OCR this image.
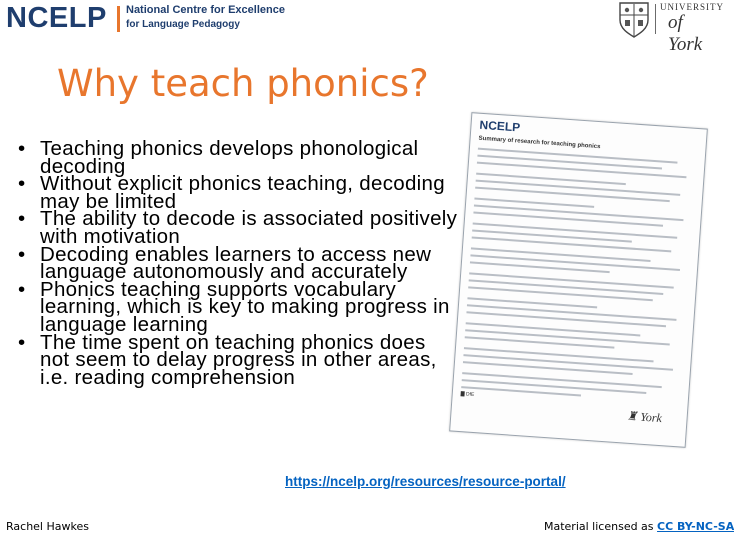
NCELP National Centre for Excellence
for Language Pedagogy
UNIVERSITY
of York
Why teach phonics?
NCELP
Summary of research for teaching phonics
▇ DfE
♜ York
• Teaching phonics develops phonological decoding
• Without explicit phonics teaching, decoding may be limited
• The ability to decode is associated positively with motivation
• Decoding enables learners to access new language autonomously and accurately
• Phonics teaching supports vocabulary learning, which is key to making progress in language learning
• The time spent on teaching phonics does not seem to delay progress in other areas, i.e. reading comprehension
https://ncelp.org/resources/resource-portal/
Rachel Hawkes	Material licensed as CC BY-NC-SA
